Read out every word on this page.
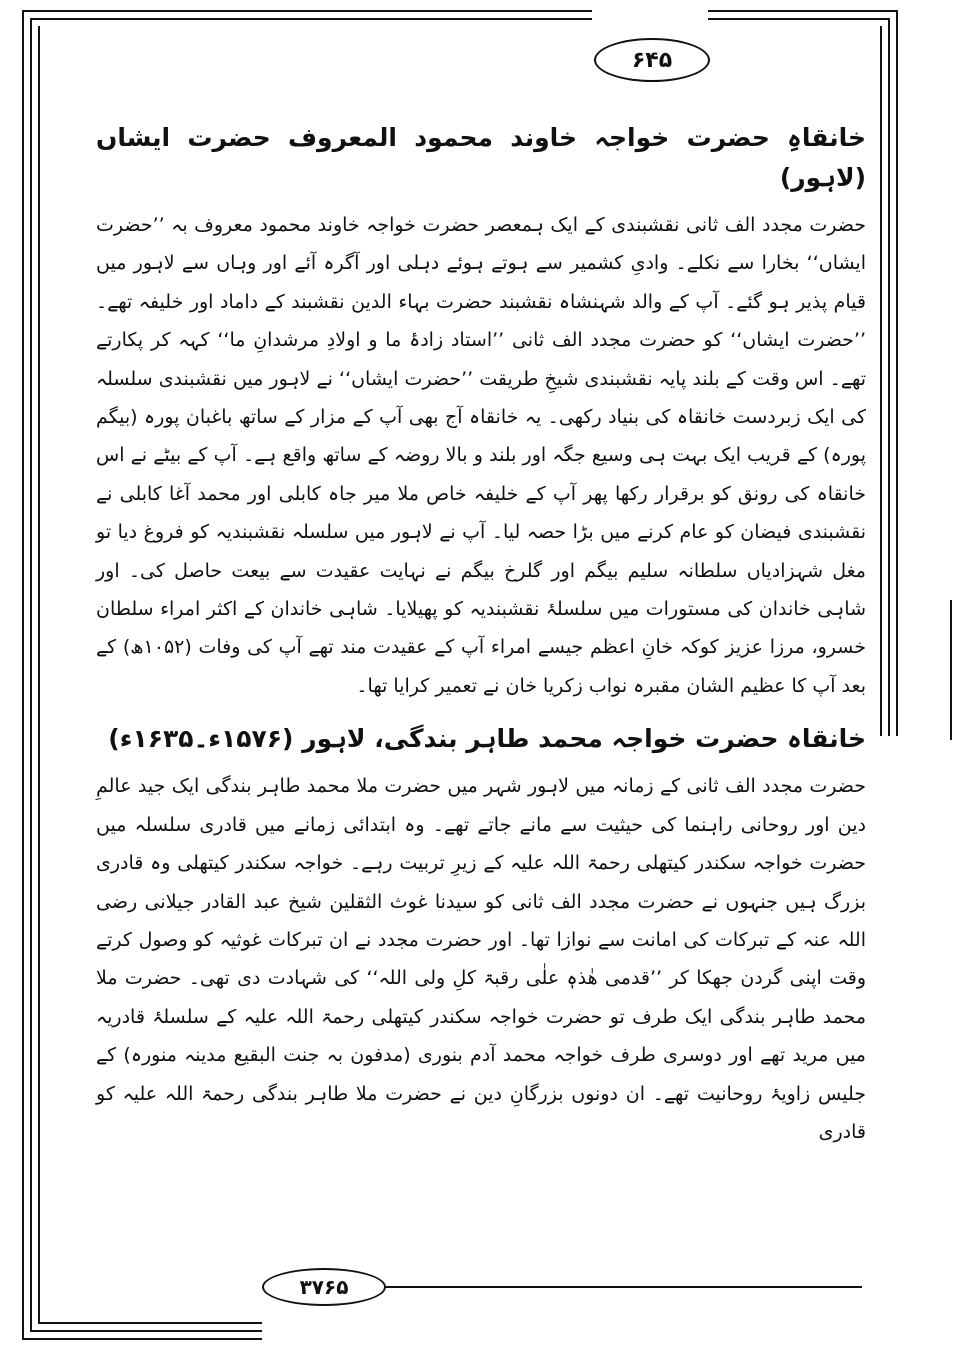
۶۴۵
۳۷۶۵
خانقاہِ حضرت خواجہ خاوند محمود المعروف حضرت ایشاں (لاہور)

حضرت مجدد الف ثانی نقشبندی کے ایک ہمعصر حضرت خواجہ خاوند محمود معروف بہ ’’حضرت ایشاں‘‘ بخارا سے نکلے۔ وادیِ کشمیر سے ہوتے ہوئے دہلی اور آگرہ آئے اور وہاں سے لاہور میں قیام پذیر ہو گئے۔ آپ کے والد شہنشاہ نقشبند حضرت بہاء الدین نقشبند کے داماد اور خلیفہ تھے۔ ’’حضرت ایشاں‘‘ کو حضرت مجدد الف ثانی ’’استاد زادۂ ما و اولادِ مرشدانِ ما‘‘ کہہ کر پکارتے تھے۔ اس وقت کے بلند پایہ نقشبندی شیخِ طریقت ’’حضرت ایشاں‘‘ نے لاہور میں نقشبندی سلسلہ کی ایک زبردست خانقاہ کی بنیاد رکھی۔ یہ خانقاہ آج بھی آپ کے مزار کے ساتھ باغبان پورہ (بیگم پورہ) کے قریب ایک بہت ہی وسیع جگہ اور بلند و بالا روضہ کے ساتھ واقع ہے۔ آپ کے بیٹے نے اس خانقاہ کی رونق کو برقرار رکھا پھر آپ کے خلیفہ خاص ملا میر جاہ کابلی اور محمد آغا کابلی نے نقشبندی فیضان کو عام کرنے میں بڑا حصہ لیا۔ آپ نے لاہور میں سلسلہ نقشبندیہ کو فروغ دیا تو مغل شہزادیاں سلطانہ سلیم بیگم اور گلرخ بیگم نے نہایت عقیدت سے بیعت حاصل کی۔ اور شاہی خاندان کی مستورات میں سلسلۂ نقشبندیہ کو پھیلایا۔ شاہی خاندان کے اکثر امراء سلطان خسرو، مرزا عزیز کوکہ خانِ اعظم جیسے امراء آپ کے عقیدت مند تھے آپ کی وفات (۱۰۵۲ھ) کے بعد آپ کا عظیم الشان مقبرہ نواب زکریا خان نے تعمیر کرایا تھا۔

خانقاہ حضرت خواجہ محمد طاہر بندگی، لاہور (۱۵۷۶ء۔۱۶۳۵ء)

حضرت مجدد الف ثانی کے زمانہ میں لاہور شہر میں حضرت ملا محمد طاہر بندگی ایک جید عالمِ دین اور روحانی راہنما کی حیثیت سے مانے جاتے تھے۔ وہ ابتدائی زمانے میں قادری سلسلہ میں حضرت خواجہ سکندر کیتھلی رحمۃ اللہ علیہ کے زیرِ تربیت رہے۔ خواجہ سکندر کیتھلی وہ قادری بزرگ ہیں جنہوں نے حضرت مجدد الف ثانی کو سیدنا غوث الثقلین شیخ عبد القادر جیلانی رضی اللہ عنہ کے تبرکات کی امانت سے نوازا تھا۔ اور حضرت مجدد نے ان تبرکات غوثیہ کو وصول کرتے وقت اپنی گردن جھکا کر ’’قدمی ھٰذہٖ علٰی رقبۃ کلِ ولی اللہ‘‘ کی شہادت دی تھی۔ حضرت ملا محمد طاہر بندگی ایک طرف تو حضرت خواجہ سکندر کیتھلی رحمۃ اللہ علیہ کے سلسلۂ قادریہ میں مرید تھے اور دوسری طرف خواجہ محمد آدم بنوری (مدفون بہ جنت البقیع مدینہ منورہ) کے جلیس زاویۂ روحانیت تھے۔ ان دونوں بزرگانِ دین نے حضرت ملا طاہر بندگی رحمۃ اللہ علیہ کو قادری
